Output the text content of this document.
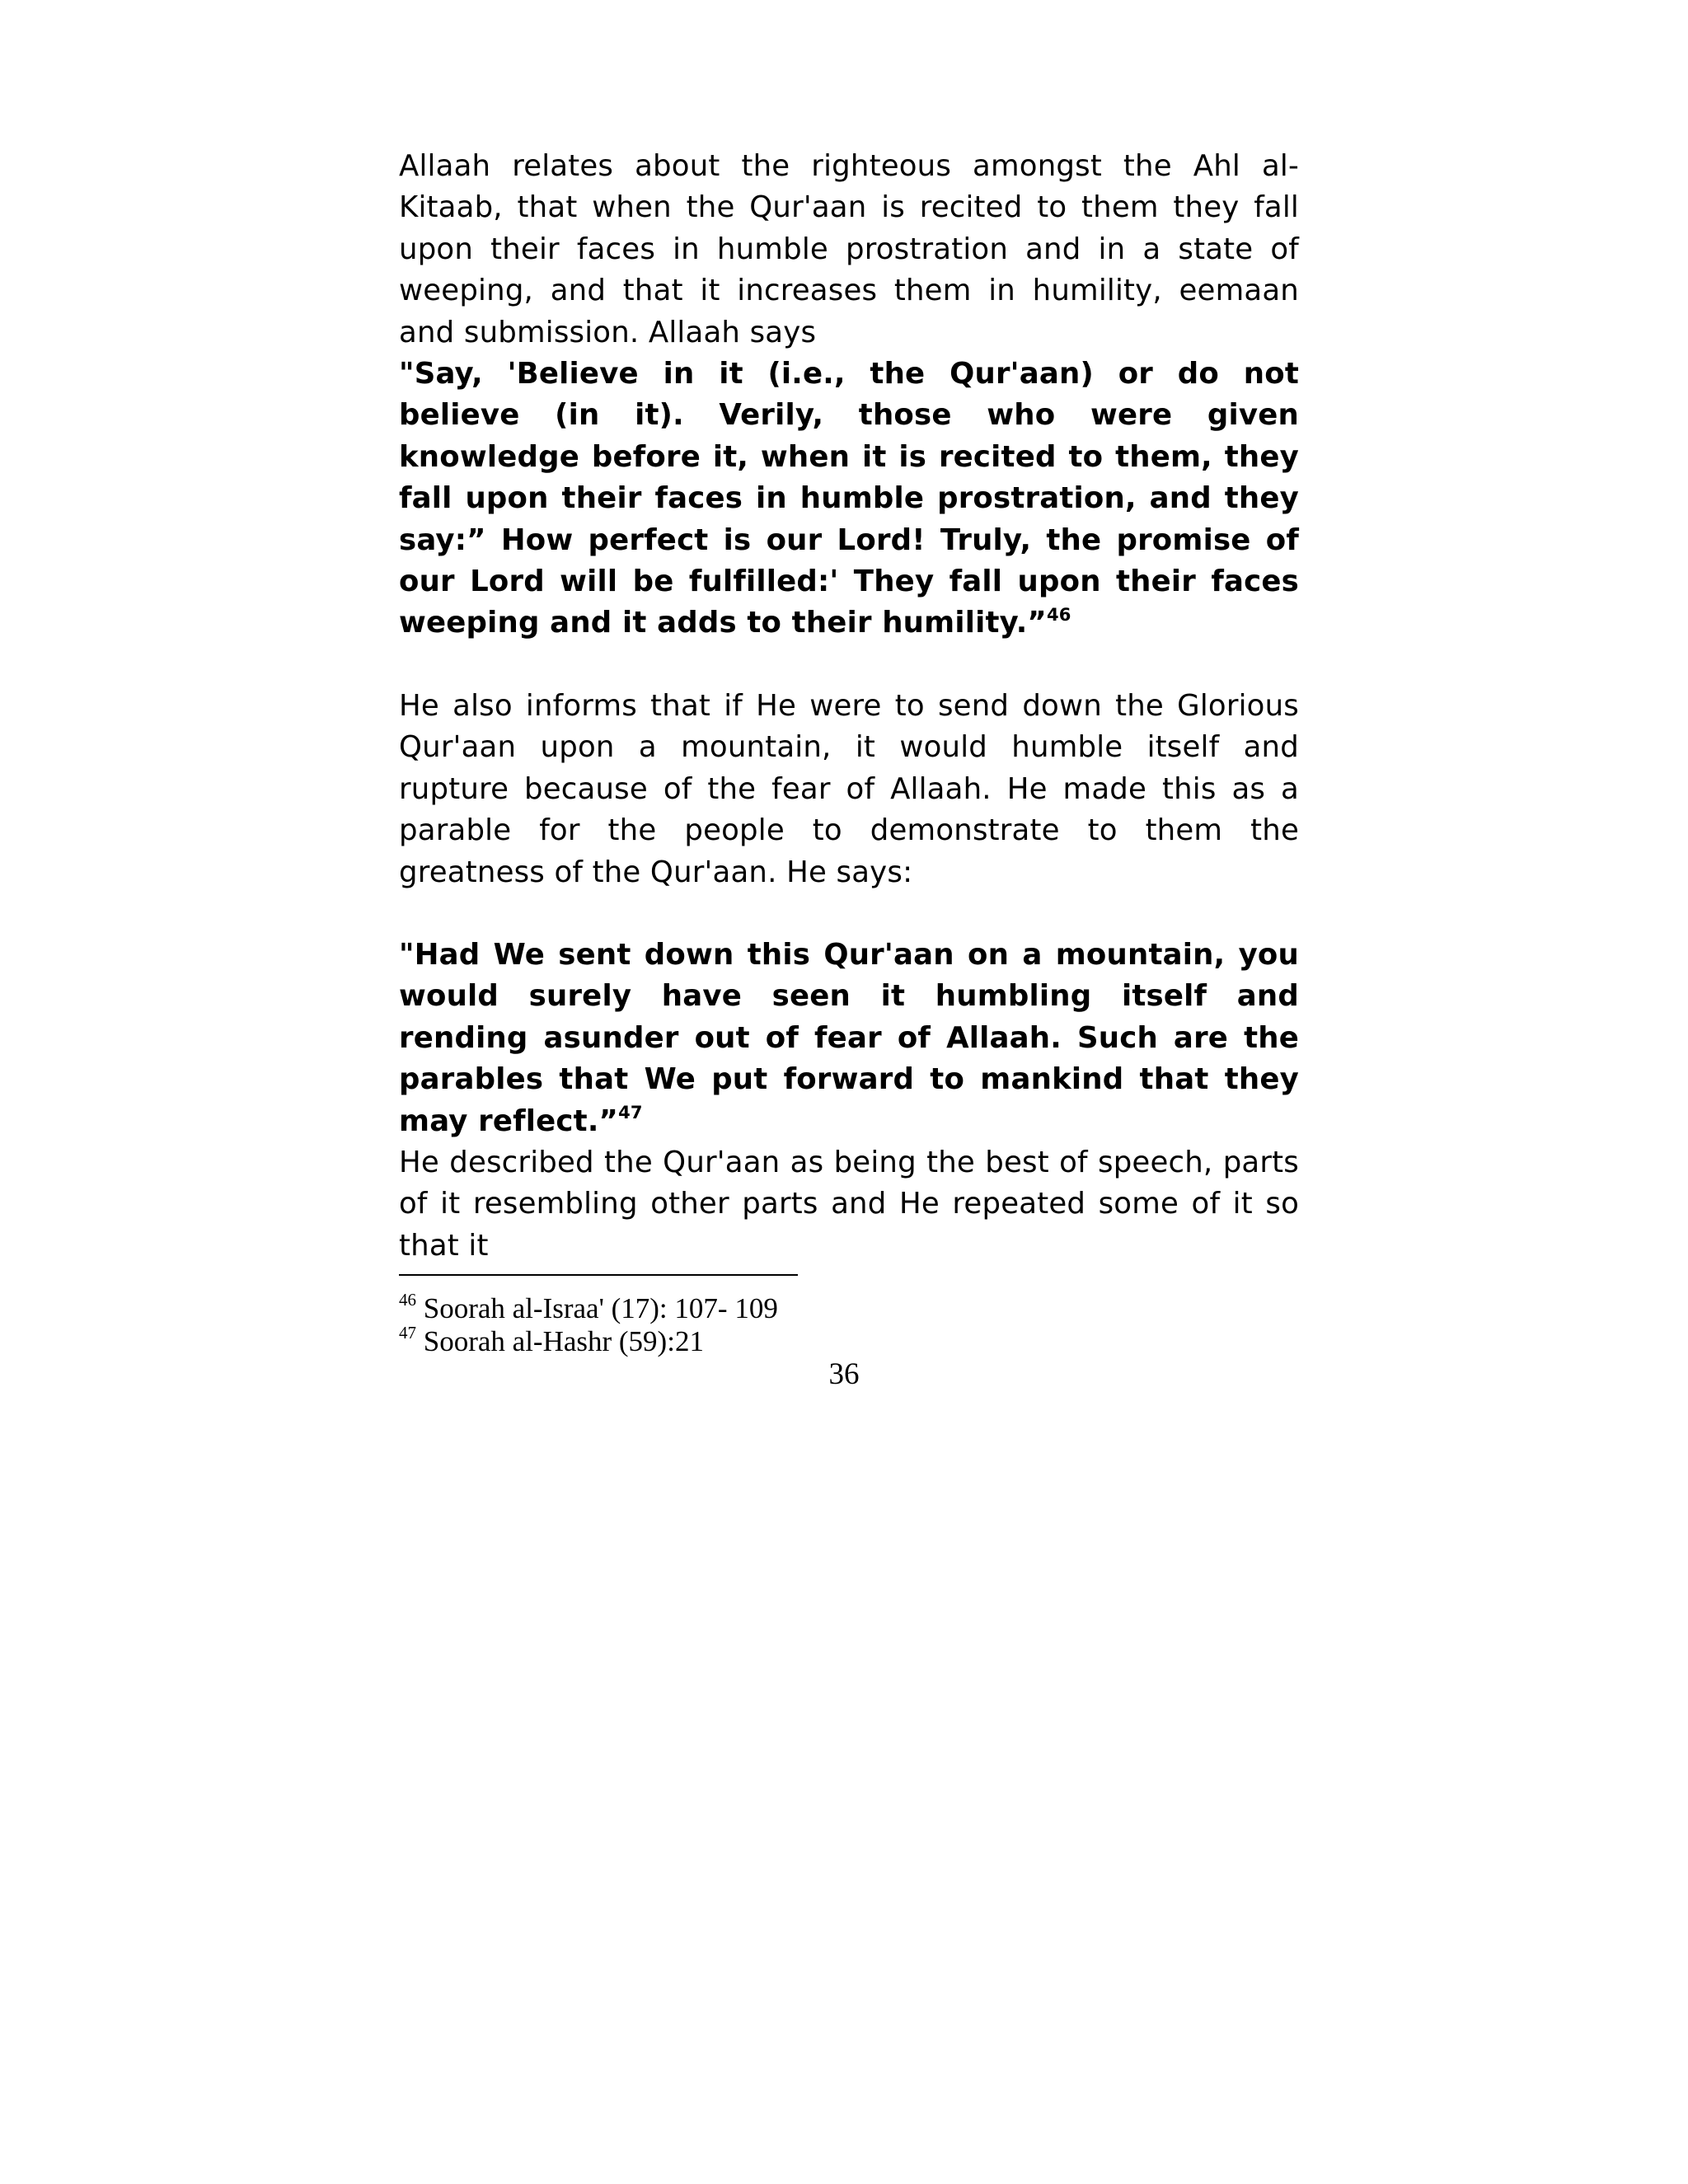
Allaah relates about the righteous amongst the Ahl al-Kitaab, that when the Qur'aan is recited to them they fall upon their faces in humble prostration and in a state of weeping, and that it increases them in humility, eemaan and submission. Allaah says

"Say, 'Believe in it (i.e., the Qur'aan) or do not believe (in it). Verily, those who were given knowledge before it, when it is recited to them, they fall upon their faces in humble prostration, and they say:” How perfect is our Lord! Truly, the promise of our Lord will be fulfilled:' They fall upon their faces weeping and it adds to their humility.”$^{46}$

He also informs that if He were to send down the Glorious Qur'aan upon a mountain, it would humble itself and rupture because of the fear of Allaah. He made this as a parable for the people to demonstrate to them the greatness of the Qur'aan. He says:

"Had We sent down this Qur'aan on a mountain, you would surely have seen it humbling itself and rending asunder out of fear of Allaah. Such are the parables that We put forward to mankind that they may reflect.”$^{47}$

He described the Qur'aan as being the best of speech, parts of it resembling other parts and He repeated some of it so that it

$^{46}$ Soorah al-Israa' (17): 107- 109
$^{47}$ Soorah al-Hashr (59):21
36
